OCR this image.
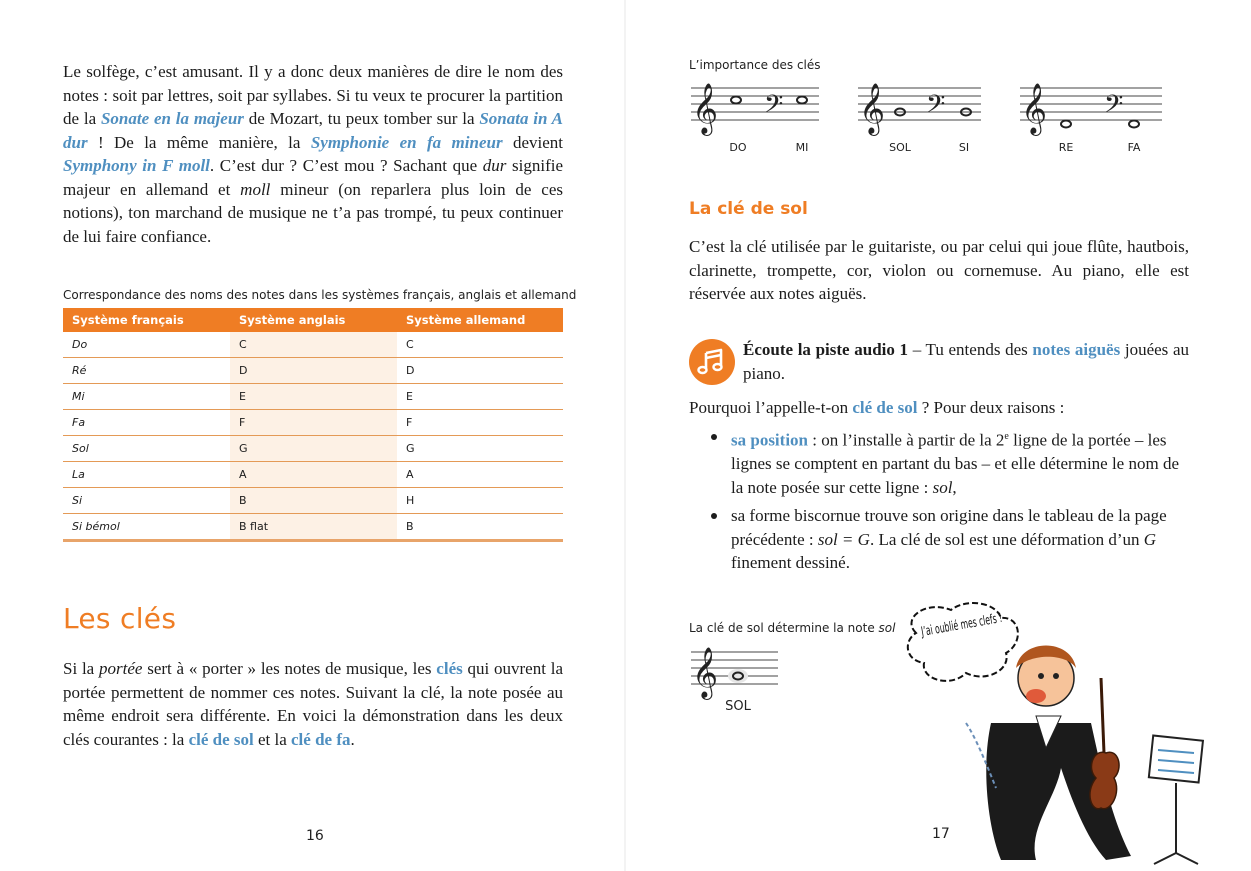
Le solfège, c’est amusant. Il y a donc deux manières de dire le nom des notes : soit par lettres, soit par syllabes. Si tu veux te procurer la partition de la Sonate en la majeur de Mozart, tu peux tomber sur la Sonata in A dur ! De la même manière, la Symphonie en fa mineur devient Symphony in F moll. C’est dur ? C’est mou ? Sachant que dur signifie majeur en allemand et moll mineur (on reparlera plus loin de ces notions), ton marchand de musique ne t’a pas trompé, tu peux continuer de lui faire confiance.

Correspondance des noms des notes dans les systèmes français, anglais et allemand
Système français	Système anglais	Système allemand
Do	C	C
Ré	D	D
Mi	E	E
Fa	F	F
Sol	G	G
La	A	A
Si	B	H
Si bémol	B flat	B
Les clés

Si la portée sert à « porter » les notes de musique, les clés qui ouvrent la portée permettent de nommer ces notes. Suivant la clé, la note posée au même endroit sera différente. En voici la démonstration dans les deux clés courantes : la clé de sol et la clé de fa.

16
L’importance des clés
𝄞 𝄢 𝄞 𝄢 𝄞 𝄢
DO	MI	SOL	SI	RE	FA
La clé de sol

C’est la clé utilisée par le guitariste, ou par celui qui joue flûte, hautbois, clarinette, trompette, cor, violon ou cornemuse. Au piano, elle est réservée aux notes aiguës.

Écoute la piste audio 1 – Tu entends des notes aiguës jouées au piano.

Pourquoi l’appelle-t-on clé de sol ? Pour deux raisons :

sa position : on l’installe à partir de la 2e ligne de la portée – les lignes se comptent en partant du bas – et elle détermine le nom de la note posée sur cette ligne : sol,
sa forme biscornue trouve son origine dans le tableau de la page précédente : sol = G. La clé de sol est une déformation d’un G finement dessiné.
La clé de sol détermine la note sol
𝄞
SOL
J’ai oublié mes clefs !
17
